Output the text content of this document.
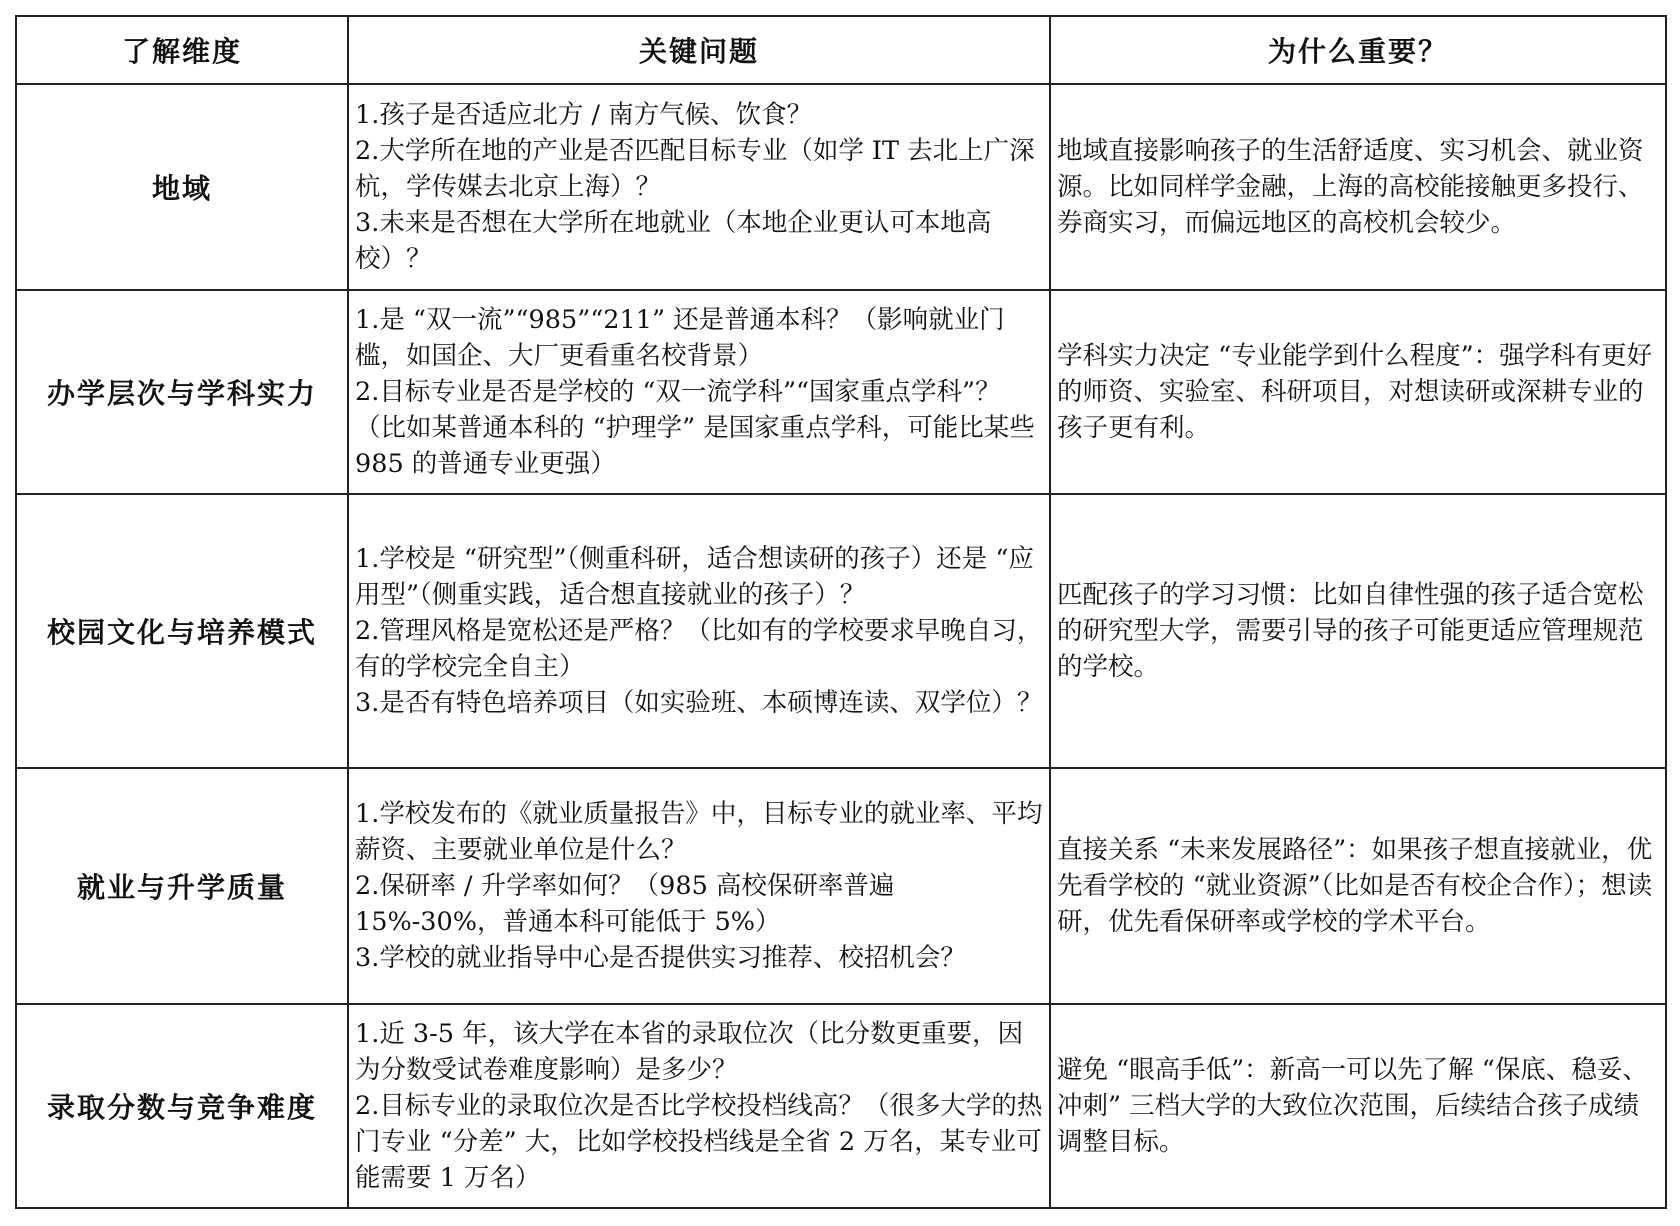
了解维度	关键问题	为什么重要？
地域	1.孩子是否适应北方 / 南方气候、饮食？
2.大学所在地的产业是否匹配目标专业（如学 IT 去北上广深杭，学传媒去北京上海）？
3.未来是否想在大学所在地就业（本地企业更认可本地高校）？	地域直接影响孩子的生活舒适度、实习机会、就业资源。比如同样学金融，上海的高校能接触更多投行、券商实习，而偏远地区的高校机会较少。
办学层次与学科实力	1.是 “双一流”“985”“211” 还是普通本科？（影响就业门槛，如国企、大厂更看重名校背景）
2.目标专业是否是学校的 “双一流学科”“国家重点学科”？（比如某普通本科的 “护理学” 是国家重点学科，可能比某些 985 的普通专业更强）	学科实力决定 “专业能学到什么程度”：强学科有更好的师资、实验室、科研项目，对想读研或深耕专业的孩子更有利。
校园文化与培养模式	1.学校是 “研究型”（侧重科研，适合想读研的孩子）还是 “应用型”（侧重实践，适合想直接就业的孩子）？
2.管理风格是宽松还是严格？（比如有的学校要求早晚自习，有的学校完全自主）
3.是否有特色培养项目（如实验班、本硕博连读、双学位）？	匹配孩子的学习习惯：比如自律性强的孩子适合宽松的研究型大学，需要引导的孩子可能更适应管理规范的学校。
就业与升学质量	1.学校发布的《就业质量报告》中，目标专业的就业率、平均薪资、主要就业单位是什么？
2.保研率 / 升学率如何？（985 高校保研率普遍 15%-30%，普通本科可能低于 5%）
3.学校的就业指导中心是否提供实习推荐、校招机会？	直接关系 “未来发展路径”：如果孩子想直接就业，优先看学校的 “就业资源”（比如是否有校企合作）；想读研，优先看保研率或学校的学术平台。
录取分数与竞争难度	1.近 3-5 年，该大学在本省的录取位次（比分数更重要，因为分数受试卷难度影响）是多少？
2.目标专业的录取位次是否比学校投档线高？（很多大学的热门专业 “分差” 大，比如学校投档线是全省 2 万名，某专业可能需要 1 万名）	避免 “眼高手低”：新高一可以先了解 “保底、稳妥、冲刺” 三档大学的大致位次范围，后续结合孩子成绩调整目标。
